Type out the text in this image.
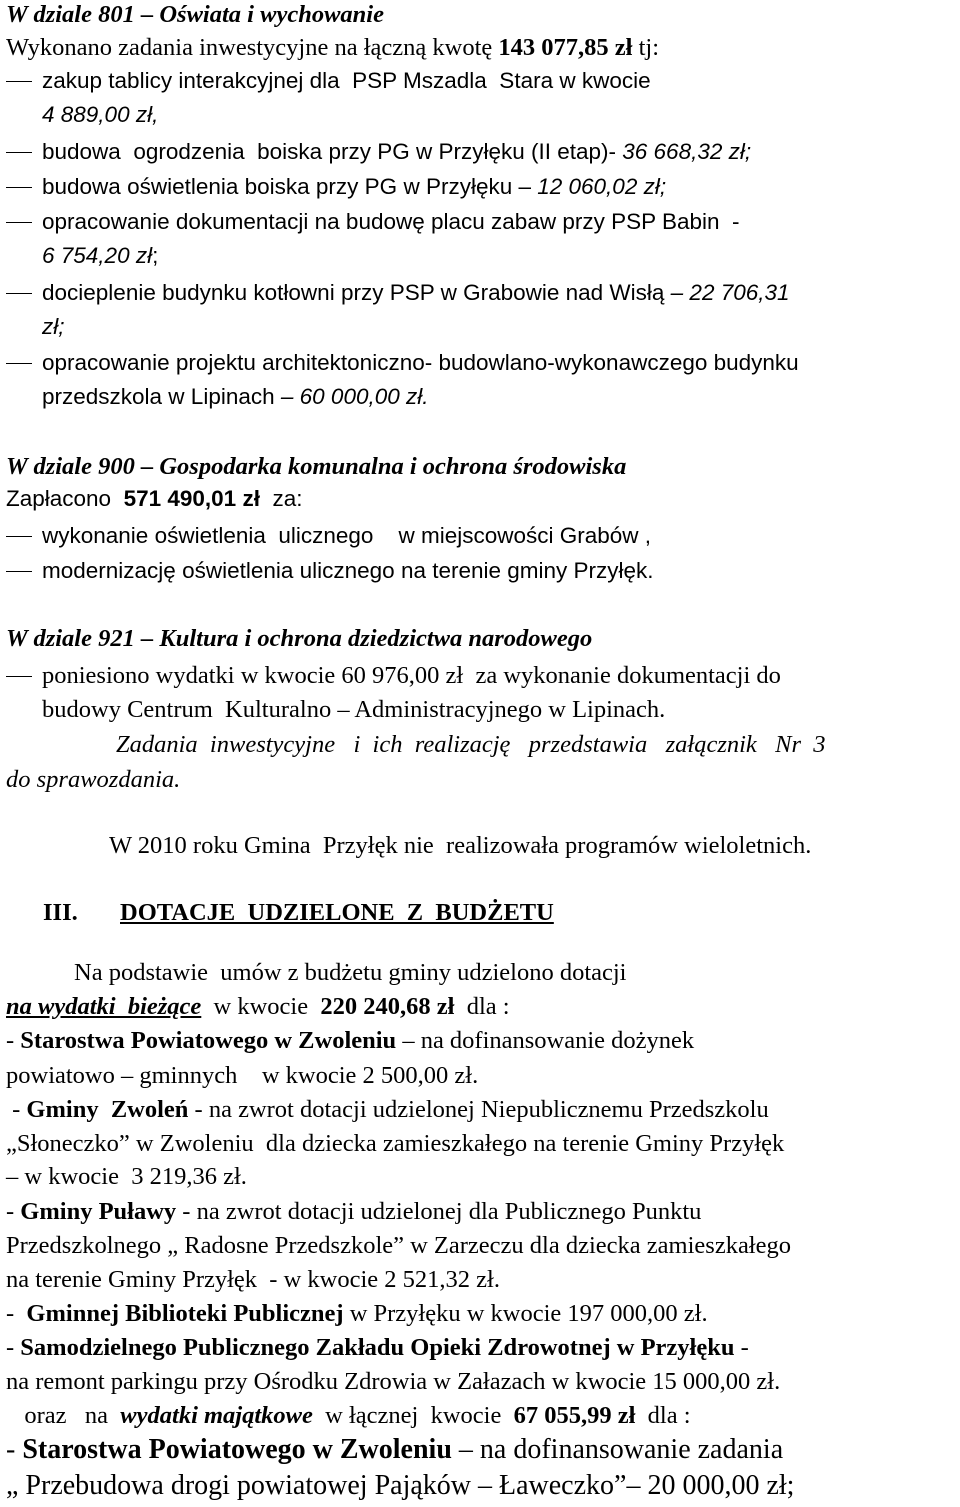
W dziale 801 – Oświata i wychowanie
Wykonano zadania inwestycyjne na łączną kwotę 143 077,85 zł tj:
zakup tablicy interakcyjnej dla  PSP Mszadla  Stara w kwocie
4 889,00 zł,
budowa  ogrodzenia  boiska przy PG w Przyłęku (II etap)- 36 668,32 zł;
budowa oświetlenia boiska przy PG w Przyłęku – 12 060,02 zł;
opracowanie dokumentacji na budowę placu zabaw przy PSP Babin  -
6 754,20 zł;
docieplenie budynku kotłowni przy PSP w Grabowie nad Wisłą – 22 706,31
zł;
opracowanie projektu architektoniczno- budowlano-wykonawczego budynku
przedszkola w Lipinach – 60 000,00 zł.
W dziale 900 – Gospodarka komunalna i ochrona środowiska
Zapłacono  571 490,01 zł  za:
wykonanie oświetlenia  ulicznego    w miejscowości Grabów ,
modernizację oświetlenia ulicznego na terenie gminy Przyłęk.
W dziale 921 – Kultura i ochrona dziedzictwa narodowego
poniesiono wydatki w kwocie 60 976,00 zł  za wykonanie dokumentacji do
budowy Centrum  Kulturalno – Administracyjnego w Lipinach.
Zadania  inwestycyjne   i  ich  realizację   przedstawia   załącznik   Nr  3
do sprawozdania.
W 2010 roku Gmina  Przyłęk nie  realizowała programów wieloletnich.
III. DOTACJE  UDZIELONE  Z  BUDŻETU
Na podstawie  umów z budżetu gminy udzielono dotacji
na wydatki  bieżące  w kwocie  220 240,68 zł  dla :
- Starostwa Powiatowego w Zwoleniu – na dofinansowanie dożynek
powiatowo – gminnych    w kwocie 2 500,00 zł.
- Gminy  Zwoleń - na zwrot dotacji udzielonej Niepublicznemu Przedszkolu
„Słoneczko” w Zwoleniu  dla dziecka zamieszkałego na terenie Gminy Przyłęk
– w kwocie  3 219,36 zł.
- Gminy Puławy - na zwrot dotacji udzielonej dla Publicznego Punktu
Przedszkolnego „ Radosne Przedszkole” w Zarzeczu dla dziecka zamieszkałego
na terenie Gminy Przyłęk  - w kwocie 2 521,32 zł.
-  Gminnej Biblioteki Publicznej w Przyłęku w kwocie 197 000,00 zł.
- Samodzielnego Publicznego Zakładu Opieki Zdrowotnej w Przyłęku -
na remont parkingu przy Ośrodku Zdrowia w Załazach w kwocie 15 000,00 zł.
oraz   na  wydatki majątkowe  w łącznej  kwocie  67 055,99 zł  dla :
- Starostwa Powiatowego w Zwoleniu – na dofinansowanie zadania
„ Przebudowa drogi powiatowej Pająków – Ławeczko”– 20 000,00 zł;
